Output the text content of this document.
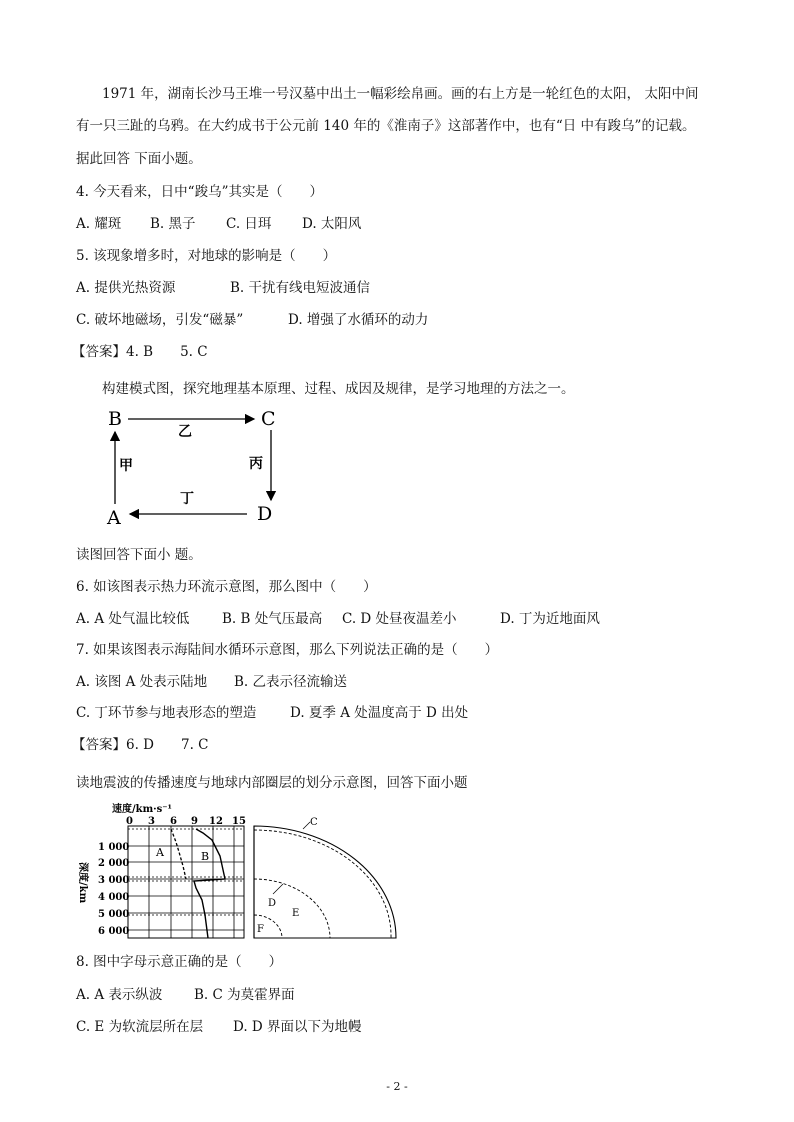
1971 年，湖南长沙马王堆一号汉墓中出土一幅彩绘帛画。画的右上方是一轮红色的太阳， 太阳中间
有一只三趾的乌鸦。在大约成书于公元前 140 年的《淮南子》这部著作中，也有“日 中有踆乌”的记载。
据此回答 下面小题。
4. 今天看来，日中“踆乌”其实是（　　）
A. 耀斑 B. 黑子 C. 日珥 D. 太阳风
5. 该现象增多时，对地球的影响是（　　）
A. 提供光热资源	B. 干扰有线电短波通信
C. 破坏地磁场，引发“磁暴”	D. 增强了水循环的动力
【答案】4. B　　5. C
构建模式图，探究地理基本原理、过程、成因及规律，是学习地理的方法之一。
B	C
A	D
乙
丙
丁
甲
读图回答下面小 题。
6. 如该图表示热力环流示意图，那么图中（　　）
A. A 处气温比较低 B. B 处气压最高 C. D 处昼夜温差小	D. 丁为近地面风
7. 如果该图表示海陆间水循环示意图，那么下列说法正确的是（　　）
A. 该图 A 处表示陆地 B. 乙表示径流输送
C. 丁环节参与地表形态的塑造 D. 夏季 A 处温度高于 D 出处
【答案】6. D　　7. C
读地震波的传播速度与地球内部圈层的划分示意图，回答下面小题
速度/km·s⁻¹
0 3 6 9 12 15
1 000
2 000
3 000
4 000
5 000
6 000
深度/km
A	B
C
D
E
F
8. 图中字母示意正确的是（　　）
A. A 表示纵波 B. C 为莫霍界面
C. E 为软流层所在层 D. D 界面以下为地幔
- 2 -
